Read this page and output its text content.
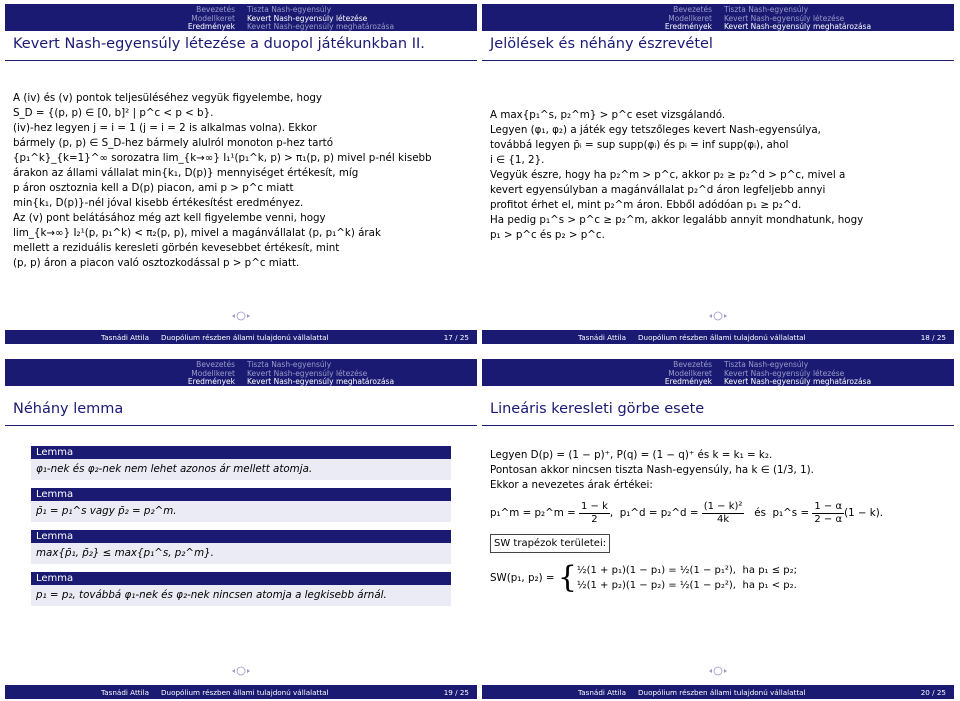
Bevezetés
Modellkeret
Eredmények
Tiszta Nash-egyensúly
Kevert Nash-egyensúly létezése
Kevert Nash-egyensúly meghatározása
Kevert Nash-egyensúly létezése a duopol játékunkban II.
A (iv) és (v) pontok teljesüléséhez vegyük figyelembe, hogy
S_D = {(p, p) ∈ [0, b]² | p^c < p < b}.
(iv)-hez legyen j = i = 1 (j = i = 2 is alkalmas volna). Ekkor
bármely (p, p) ∈ S_D-hez bármely alulról monoton p-hez tartó
{p₁^k}_{k=1}^∞ sorozatra lim_{k→∞} I₁¹(p₁^k, p) > π₁(p, p) mivel p-nél kisebb
árakon az állami vállalat min{k₁, D(p)} mennyiséget értékesít, míg
p áron osztoznia kell a D(p) piacon, ami p > p^c miatt
min{k₁, D(p)}-nél jóval kisebb értékesítést eredményez.
Az (v) pont belátásához még azt kell figyelembe venni, hogy
lim_{k→∞} I₂¹(p, p₁^k) < π₂(p, p), mivel a magánvállalat (p, p₁^k) árak
mellett a reziduális keresleti görbén kevesebbet értékesít, mint
(p, p) áron a piacon való osztozkodással p > p^c miatt.
Tasnádi Attila	Duopólium részben állami tulajdonú vállalattal	17 / 25
Bevezetés
Modellkeret
Eredmények
Tiszta Nash-egyensúly
Kevert Nash-egyensúly létezése
Kevert Nash-egyensúly meghatározása
Jelölések és néhány észrevétel
A max{p₁^s, p₂^m} > p^c eset vizsgálandó.
Legyen (φ₁, φ₂) a játék egy tetszőleges kevert Nash-egyensúlya,
továbbá legyen p̄ᵢ = sup supp(φᵢ) és pᵢ = inf supp(φᵢ), ahol
i ∈ {1, 2}.
Vegyük észre, hogy ha p₂^m > p^c, akkor p₂ ≥ p₂^d > p^c, mivel a
kevert egyensúlyban a magánvállalat p₂^d áron legfeljebb annyi
profitot érhet el, mint p₂^m áron. Ebből adódóan p₁ ≥ p₂^d.
Ha pedig p₁^s > p^c ≥ p₂^m, akkor legalább annyit mondhatunk, hogy
p₁ > p^c és p₂ > p^c.
Tasnádi Attila	Duopólium részben állami tulajdonú vállalattal	18 / 25
Bevezetés
Modellkeret
Eredmények
Tiszta Nash-egyensúly
Kevert Nash-egyensúly létezése
Kevert Nash-egyensúly meghatározása
Néhány lemma
Lemma
φ₁-nek és φ₂-nek nem lehet azonos ár mellett atomja.
Lemma
p̄₁ = p₁^s vagy p̄₂ = p₂^m.
Lemma
max{p̄₁, p̄₂} ≤ max{p₁^s, p₂^m}.
Lemma
p₁ = p₂, továbbá φ₁-nek és φ₂-nek nincsen atomja a legkisebb árnál.
Tasnádi Attila	Duopólium részben állami tulajdonú vállalattal	19 / 25
Bevezetés
Modellkeret
Eredmények
Tiszta Nash-egyensúly
Kevert Nash-egyensúly létezése
Kevert Nash-egyensúly meghatározása
Lineáris keresleti görbe esete
Legyen D(p) = (1 − p)⁺, P(q) = (1 − q)⁺ és k = k₁ = k₂.
Pontosan akkor nincsen tiszta Nash-egyensúly, ha k ∈ (1/3, 1).
Ekkor a nevezetes árak értékei:
p₁^m = p₂^m =
$\frac{1 - k}{2}$ , p₁^d = p₂^d =
$\frac{\text{(1 − k)²}}{4k}$
és
p₁^s =
$\frac{1 - \alpha}{2 - \alpha} (1 - k)$.
SW trapézok területei:
SW(p₁, p₂) =
{ ½(1 + p₁)(1 − p₁) = ½(1 − p₁²),
½(1 + p₂)(1 − p₂) = ½(1 − p₂²),

ha p₁ ≤ p₂;
ha p₁ < p₂.
Tasnádi Attila	Duopólium részben állami tulajdonú vállalattal	20 / 25
